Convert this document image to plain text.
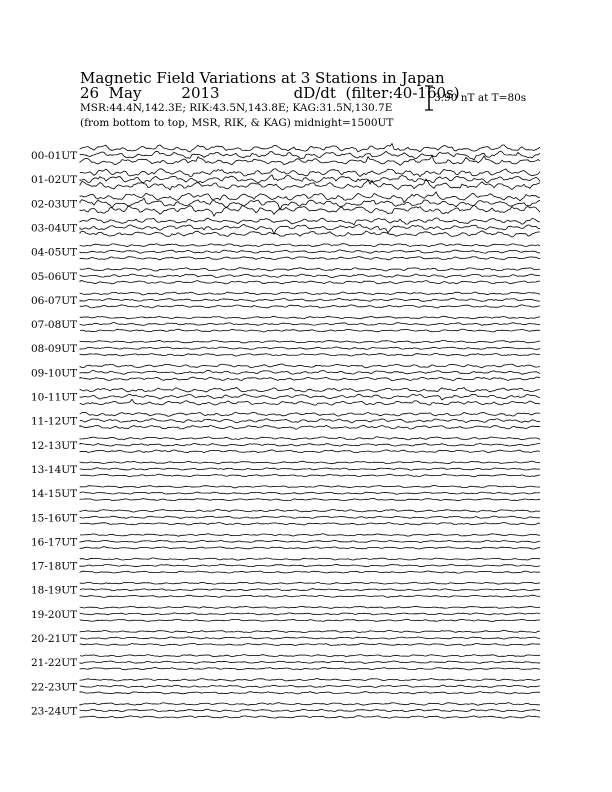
Magnetic Field Variations at 3 Stations in Japan
26 May	2013	dD/dt (filter:40-160s)
MSR:44.4N,142.3E; RIK:43.5N,143.8E; KAG:31.5N,130.7E
(from bottom to top, MSR, RIK, & KAG) midnight=1500UT
3.90 nT at T=80s
00-01UT
01-02UT
02-03UT
03-04UT
04-05UT
05-06UT
06-07UT
07-08UT
08-09UT
09-10UT
10-11UT
11-12UT
12-13UT
13-14UT
14-15UT
15-16UT
16-17UT
17-18UT
18-19UT
19-20UT
20-21UT
21-22UT
22-23UT
23-24UT
